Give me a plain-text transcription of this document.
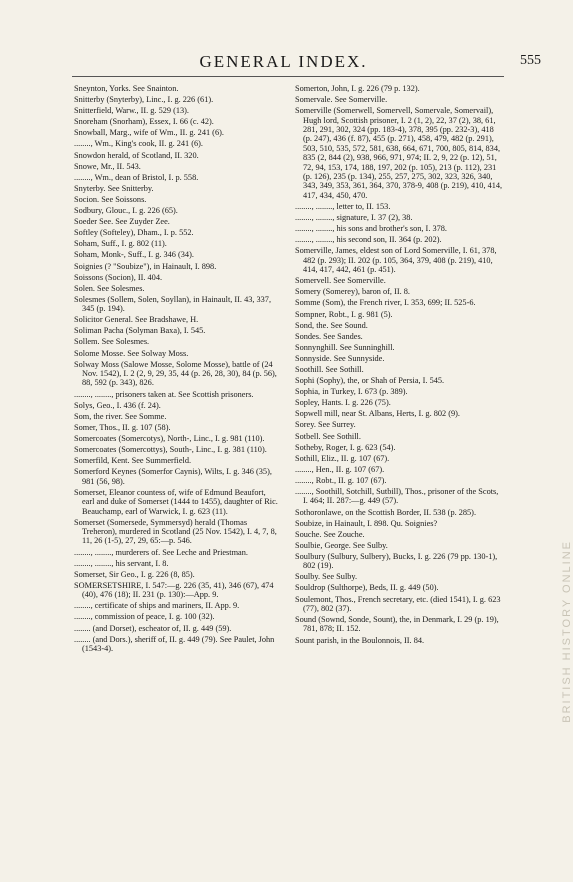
GENERAL INDEX.	555
Sneynton, Yorks. See Snainton.
Snitterby (Snyterby), Linc., I. g. 226 (61).
Snitterfield, Warw., II. g. 529 (13).
Snoreham (Snorham), Essex, I. 66 (c. 42).
Snowball, Marg., wife of Wm., II. g. 241 (6).
........, Wm., King's cook, II. g. 241 (6).
Snowdon herald, of Scotland, II. 320.
Snowe, Mr., II. 543.
........, Wm., dean of Bristol, I. p. 558.
Snyterby. See Snitterby.
Socion. See Soissons.
Sodbury, Glouc., I. g. 226 (65).
Soeder See. See Zuyder Zee.
Softley (Softeley), Dham., I. p. 552.
Soham, Suff., I. g. 802 (11).
Soham, Monk-, Suff., I. g. 346 (34).
Soignies (? "Soubize"), in Hainault, I. 898.
Soissons (Socion), II. 404.
Solen. See Solesmes.
Solesmes (Sollem, Solen, Soyllan), in Hainault, II. 43, 337, 345 (p. 194).
Solicitor General. See Bradshawe, H.
Soliman Pacha (Solyman Baxa), I. 545.
Sollem. See Solesmes.
Solome Mosse. See Solway Moss.
Solway Moss (Salowe Mosse, Solome Mosse), battle of (24 Nov. 1542), I. 2 (2, 9, 29, 35, 44 (p. 26, 28, 30), 84 (p. 56), 88, 592 (p. 343), 826.
........, ........, prisoners taken at. See Scottish prisoners.
Solys, Geo., I. 436 (f. 24).
Som, the river. See Somme.
Somer, Thos., II. g. 107 (58).
Somercoates (Somercotys), North-, Linc., I. g. 981 (110).
Somercoates (Somercottys), South-, Linc., I. g. 381 (110).
Somerfild, Kent. See Summerfield.
Somerford Keynes (Somerfor Caynis), Wilts, I. g. 346 (35), 981 (56, 98).
Somerset, Eleanor countess of, wife of Edmund Beaufort, earl and duke of Somerset (1444 to 1455), daughter of Ric. Beauchamp, earl of Warwick, I. g. 623 (11).
Somerset (Somersede, Symmersyd) herald (Thomas Treheron), murdered in Scotland (25 Nov. 1542), I. 4, 7, 8, 11, 26 (1-5), 27, 29, 65:—p. 546.
........, ........, murderers of. See Leche and Priestman.
........, ........, his servant, I. 8.
Somerset, Sir Geo., I. g. 226 (8, 85).
SOMERSETSHIRE, I. 547:—g. 226 (35, 41), 346 (67), 474 (40), 476 (18); II. 231 (p. 130):—App. 9.
........, certificate of ships and mariners, II. App. 9.
........, commission of peace, I. g. 100 (32).
........ (and Dorset), escheator of, II. g. 449 (59).
........ (and Dors.), sheriff of, II. g. 449 (79). See Paulet, John (1543-4).
Somerton, John, I. g. 226 (79 p. 132).
Somervale. See Somerville.
Somerville (Somerwell, Somervell, Somervale, Somervail), Hugh lord, Scottish prisoner, I. 2 (1, 2), 22, 37 (2), 38, 61, 281, 291, 302, 324 (pp. 183-4), 378, 395 (pp. 232-3), 418 (p. 247), 436 (f. 87), 455 (p. 271), 458, 479, 482 (p. 291), 503, 510, 535, 572, 581, 638, 664, 671, 700, 805, 814, 834, 835 (2, 844 (2), 938, 966, 971, 974; II. 2, 9, 22 (p. 12), 51, 72, 94, 153, 174, 188, 197, 202 (p. 105), 213 (p. 112), 231 (p. 126), 235 (p. 134), 255, 257, 275, 302, 323, 326, 340, 343, 349, 353, 361, 364, 370, 378-9, 408 (p. 219), 410, 414, 417, 434, 450, 470.
........, ........, letter to, II. 153.
........, ........, signature, I. 37 (2), 38.
........, ........, his sons and brother's son, I. 378.
........, ........, his second son, II. 364 (p. 202).
Somerville, James, eldest son of Lord Somerville, I. 61, 378, 482 (p. 293); II. 202 (p. 105, 364, 379, 408 (p. 219), 410, 414, 417, 442, 461 (p. 451).
Somervell. See Somerville.
Somery (Somerey), baron of, II. 8.
Somme (Som), the French river, I. 353, 699; II. 525-6.
Sompner, Robt., I. g. 981 (5).
Sond, the. See Sound.
Sondes. See Sandes.
Sonnynghill. See Sunninghill.
Sonnyside. See Sunnyside.
Soothill. See Sothill.
Sophi (Sophy), the, or Shah of Persia, I. 545.
Sophia, in Turkey, I. 673 (p. 389).
Sopley, Hants. I. g. 226 (75).
Sopwell mill, near St. Albans, Herts, I. g. 802 (9).
Sorey. See Surrey.
Sotbell. See Sothill.
Sotheby, Roger, I. g. 623 (54).
Sothill, Eliz., II. g. 107 (67).
........, Hen., II. g. 107 (67).
........, Robt., II. g. 107 (67).
........, Soothill, Sotchill, Sutbill), Thos., prisoner of the Scots, I. 464; II. 287:—g. 449 (57).
Sothoronlawe, on the Scottish Border, II. 538 (p. 285).
Soubize, in Hainault, I. 898. Qu. Soignies?
Souche. See Zouche.
Soulbie, George. See Sulby.
Soulbury (Sulbury, Sulbery), Bucks, I. g. 226 (79 pp. 130-1), 802 (19).
Soulby. See Sulby.
Souldrop (Sulthorpe), Beds, II. g. 449 (50).
Soulemont, Thos., French secretary, etc. (died 1541), I. g. 623 (77), 802 (37).
Sound (Sownd, Sonde, Sount), the, in Denmark, I. 29 (p. 19), 781, 878; II. 152.
Sount parish, in the Boulonnois, II. 84.	BRITISH HISTORY ONLINE
